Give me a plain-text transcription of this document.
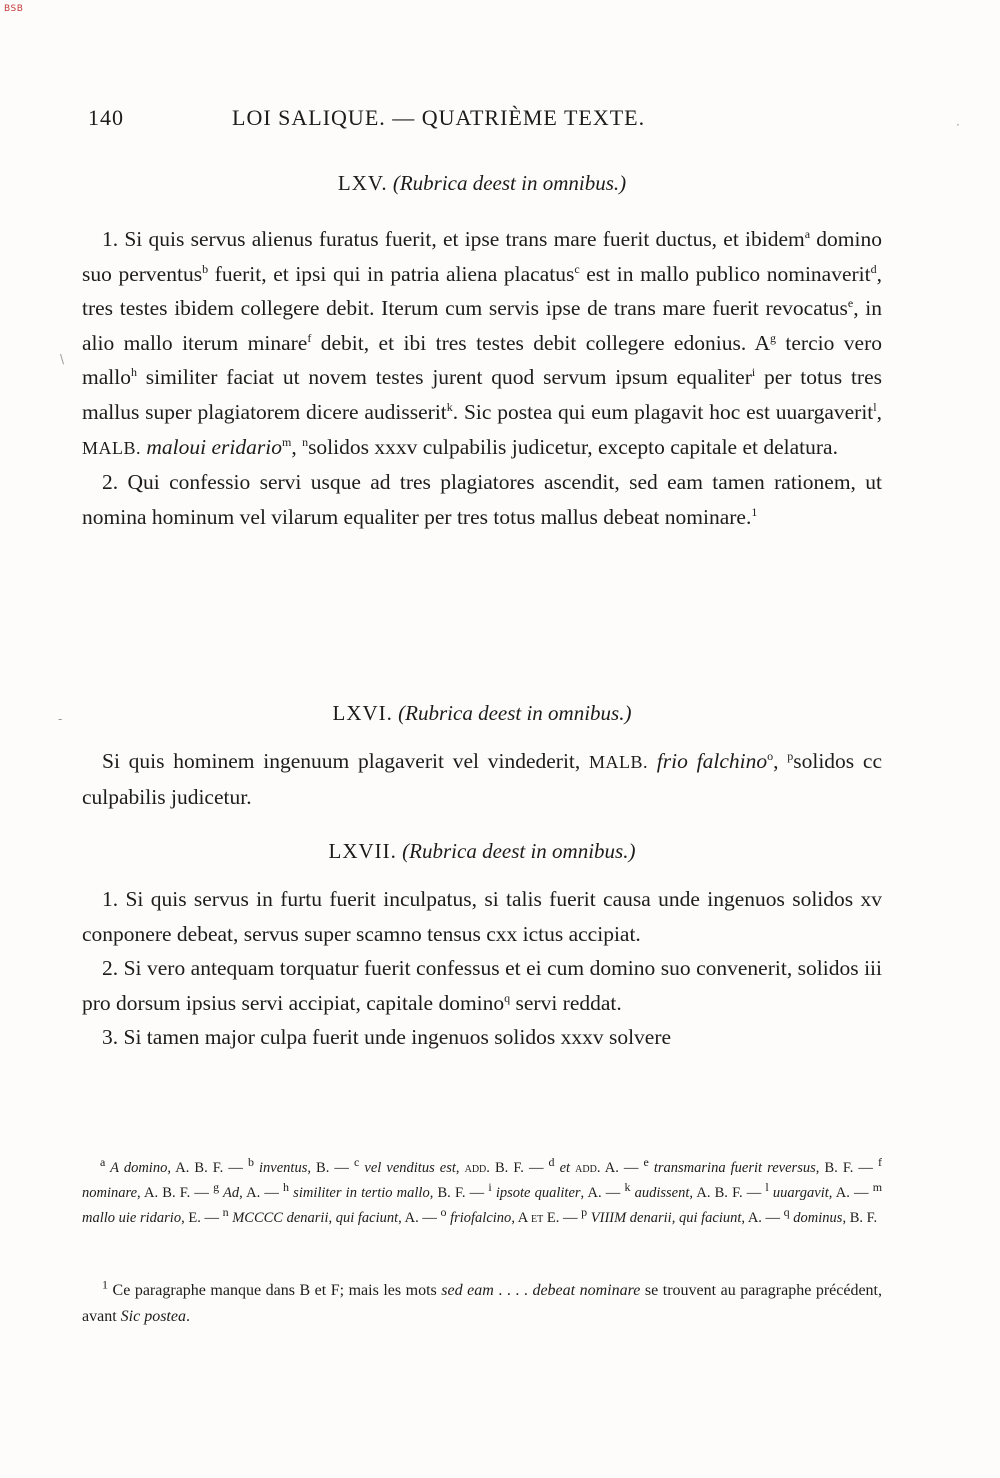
BSB
140	LOI SALIQUE. — QUATRIÈME TEXTE.

LXV. (Rubrica deest in omnibus.)

1. Si quis servus alienus furatus fuerit, et ipse trans mare fuerit ductus, et ibidem$^a$ domino suo perventus$^b$ fuerit, et ipsi qui in patria aliena placatus$^c$ est in mallo publico nominaverit$^d$, tres testes ibidem collegere debit. Iterum cum servis ipse de trans mare fuerit revocatus$^e$, in alio mallo iterum minare$^f$ debit, et ibi tres testes debit collegere edonius. $A^g$ tercio vero mallo$^h$ similiter faciat ut novem testes jurent quod servum ipsum equaliter$^i$ per totus tres mallus super plagiatorem dicere audisserit$^k$. Sic postea qui eum plagavit hoc est uuargaverit$^l$, MALB. maloui eridario$^m$, $^n$solidos xxxv culpabilis judicetur, excepto capitale et delatura.

2. Qui confessio servi usque ad tres plagiatores ascendit, sed eam tamen rationem, ut nomina hominum vel vilarum equaliter per tres totus mallus debeat nominare.$^1$

LXVI. (Rubrica deest in omnibus.)

Si quis hominem ingenuum plagaverit vel vindederit, MALB. frio falchino$^o$, $^p$solidos cc culpabilis judicetur.

LXVII. (Rubrica deest in omnibus.)

1. Si quis servus in furtu fuerit inculpatus, si talis fuerit causa unde ingenuos solidos xv conponere debeat, servus super scamno tensus cxx ictus accipiat.

2. Si vero antequam torquatur fuerit confessus et ei cum domino suo convenerit, solidos iii pro dorsum ipsius servi accipiat, capitale domino$^q$ servi reddat.

3. Si tamen major culpa fuerit unde ingenuos solidos xxxv solvere

$^a$ A domino, A. B. F. — $^b$ inventus, B. — $^c$ vel venditus est, add. B. F. — $^d$ et add. A. — $^e$ transmarina fuerit reversus, B. F. — $^f$ nominare, A. B. F. — $^g$ Ad, A. — $^h$ similiter in tertio mallo, B. F. — $^i$ ipsote qualiter, A. — $^k$ audissent, A. B. F. — $^l$ uuargavit, A. — $^m$ mallo uie ridario, E. — $^n$ MCCCC denarii, qui faciunt, A. — $^o$ friofalcino, A et E. — $^p$ VIIIM denarii, qui faciunt, A. — $^q$ dominus, B. F.
$^1$ Ce paragraphe manque dans B et F; mais les mots sed eam . . . . debeat nominare se trouvent au paragraphe précédent, avant Sic postea.
·
\
-
